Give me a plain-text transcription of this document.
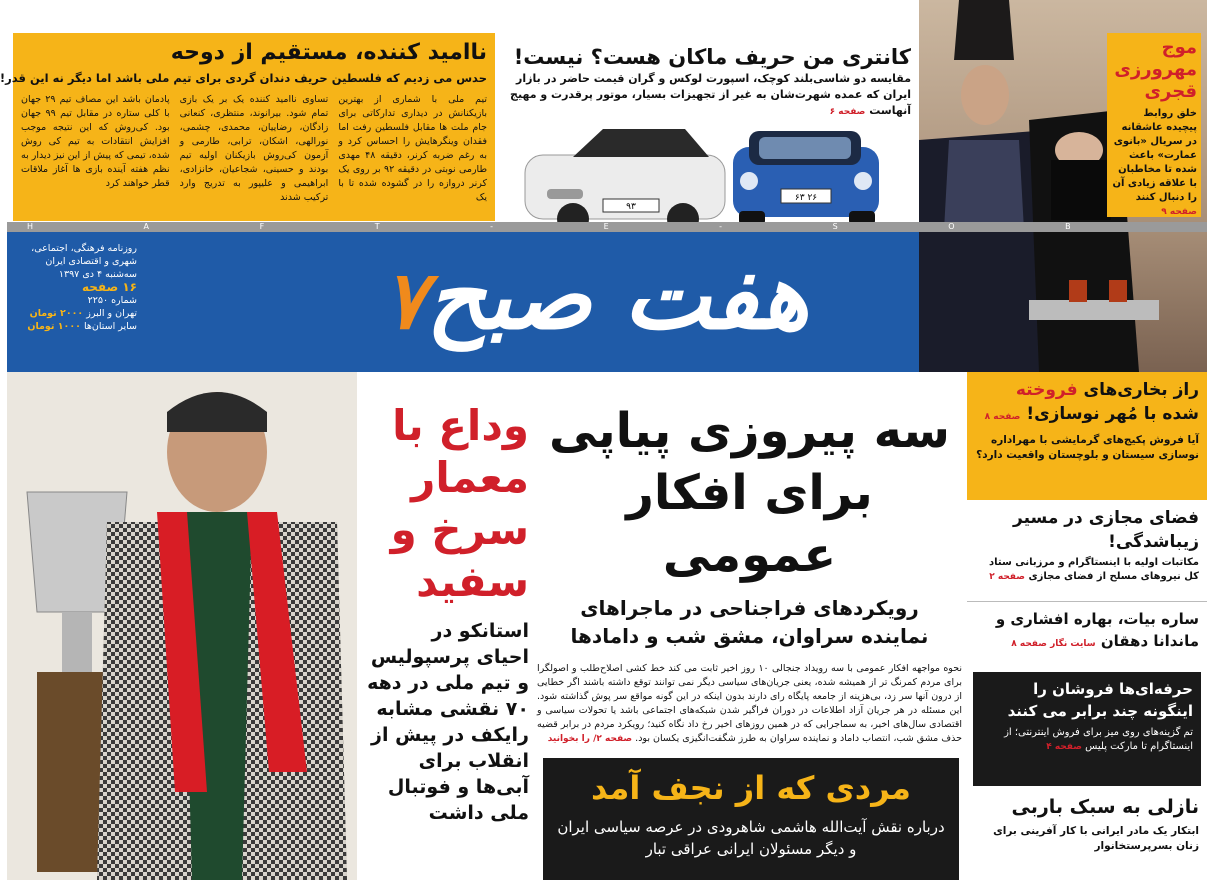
ناامید کننده، مستقیم از دوحه
حدس می زدیم که فلسطین حریف دندان گردی برای تیم ملی باشد اما دیگر نه این قدر!
تیم ملی با شماری از بهترین بازیکنانش در دیداری تدارکاتی برای جام ملت ها مقابل فلسطین رفت اما فقدان وینگرهایش را احساس کرد و به رغم ضربه کرنر، دقیقه ۴۸ مهدی طارمی نوبتی در دقیقه ۹۲ بر روی یک کرنر دروازه را در گشوده شده تا با یک
تساوی ناامید کننده یک بر یک بازی تمام شود. بیرانوند، منتظری، کنعانی زادگان، رضاییان، محمدی، چشمی، نورالهی، اشکان، ترابی، طارمی و آزمون کی‌روش بازیکنان اولیه تیم بودند و حسینی، شجاعیان، خانزادی، ابراهیمی و علیپور به تدریج وارد ترکیب شدند
پادمان باشد این مصاف تیم ۲۹ جهان با کلی ستاره در مقابل تیم ۹۹ جهان بود. کی‌روش که این نتیجه موجب افزایش انتقادات به تیم کی روش شده، تیمی که پیش از این نیز دیدار به نظم هفته آینده بازی ها آغاز ملاقات قطر خواهند کرد
کانتری من حریف ماکان هست؟ نیست!
مقایسه دو شاسی‌بلند کوچک، اسپورت لوکس و گران قیمت حاضر در بازار ایران که عمده شهرت‌شان به غیر از تجهیزات بسیار، موتور پرقدرت و مهیج آنهاست صفحه ۶
۲۶ ۶۳
۹۳
موج مهرورزی قجری
خلق روابط پیچیده عاشقانه در سریال «بانوی عمارت» باعث شده تا مخاطبان با علاقه زیادی آن را دنبال کنند صفحه ۹
H A F T - E - S O B
هفت صبح۷
روزنامه فرهنگی، اجتماعی،
شهری و اقتصادی ایران
سه‌شنبه ۴ دی ۱۳۹۷
۱۶ صفحه
شماره ۲۲۵۰
تهران و البرز ۲۰۰۰ تومان
سایر استان‌ها ۱۰۰۰ تومان
وداع با
معمار
سرخ و
سفید
استانکو در
احیای پرسپولیس
و تیم ملی در دهه
۷۰ نقشی مشابه
رایکف در پیش از
انقلاب برای
آبی‌ها و فوتبال
ملی داشت
سه پیروزی پیاپی
برای افکار عمومی
رویکردهای فراجناحی در ماجراهای
نماینده سراوان، مشق شب و دامادها
نحوه مواجهه افکار عمومی با سه رویداد جنجالی ۱۰ روز اخیر ثابت می کند خط کشی اصلاح‌طلب و اصولگرا برای مردم کمرنگ تر از همیشه شده، یعنی جریان‌های سیاسی دیگر نمی توانند توقع داشته باشند اگر خطایی از درون آنها سر زد، بی‌هزینه از جامعه پایگاه رای دارند بدون اینکه در این گونه مواقع سر پوش گذاشته شود. این مسئله در هر جریان آزاد اطلاعات در دوران فراگیر شدن شبکه‌های اجتماعی باشد یا تحولات سیاسی و اقتصادی سال‌های اخیر، به سماجرایی که در همین روزهای اخیر رخ داد نگاه کنید؛ رویکرد مردم در برابر قضیه حذف مشق شب، انتصاب داماد و نماینده سراوان به طرز شگفت‌انگیزی یکسان بود. صفحه ۲/ را بخوانید
مردی که از نجف آمد
درباره نقش آیت‌الله هاشمی شاهرودی در عرصه سیاسی ایران و دیگر مسئولان ایرانی عراقی تبار
راز بخاری‌های فروخته
شده با مُهر نوسازی! صفحه ۸
آیا فروش پکیج‌های گرمایشی با مهراداره نوسازی سیستان و بلوچستان واقعیت دارد؟
فضای مجازی در مسیر زیباشدگی!
مکاتبات اولیه با اینستاگرام و مرزبانی ستاد کل نیروهای مسلح از فضای مجازی صفحه ۲
ساره بیات، بهاره افشاری و ماندانا دهقان سایت نگار صفحه ۸
حرفه‌ای‌ها فروشان را اینگونه چند برابر می کنند
تم گزینه‌های روی میز برای فروش اینترنتی؛ از اینستاگرام تا مارکت پلیس صفحه ۴
نازلی به سبک باربی
ابتکار یک مادر ایرانی با کار آفرینی برای زنان بسرپرستخانوار
